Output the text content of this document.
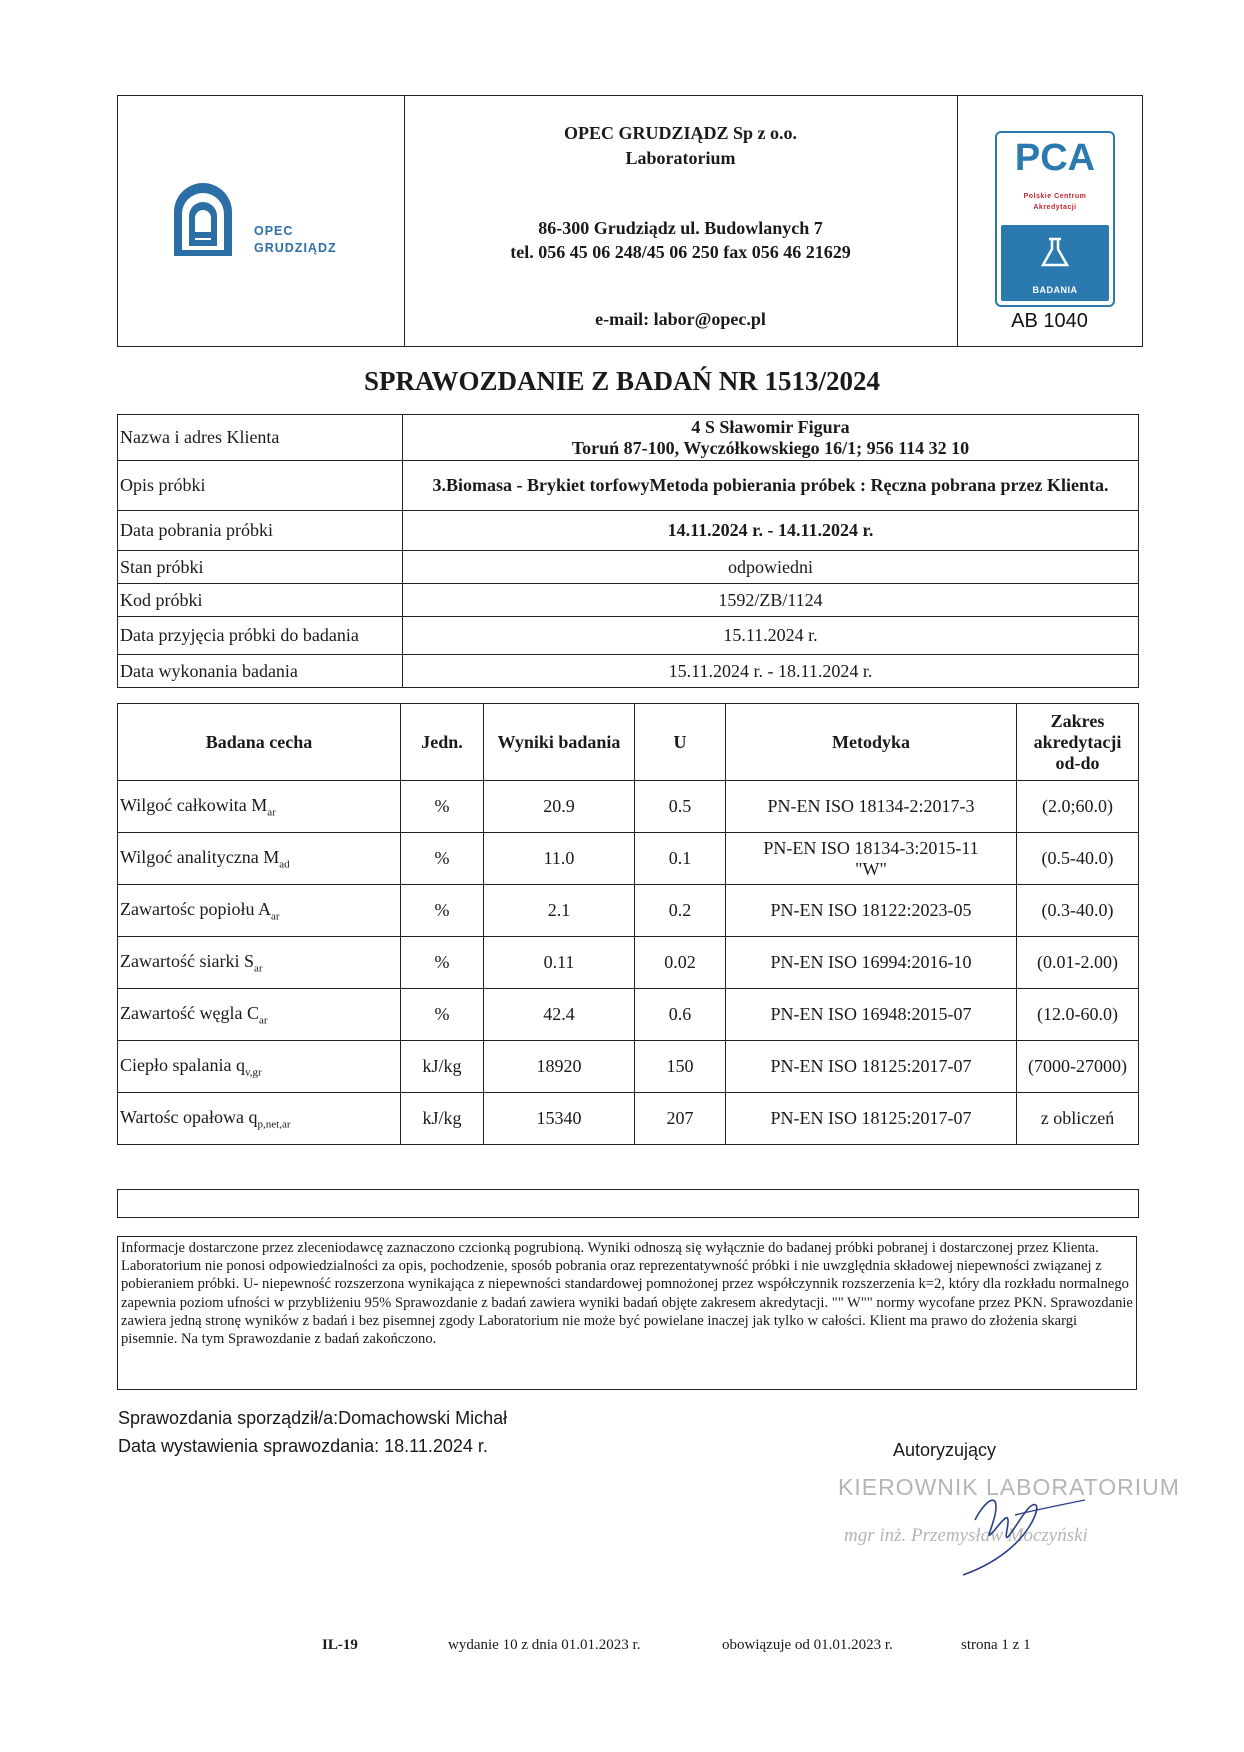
OPEC
GRUDZIĄDZ
OPEC GRUDZIĄDZ Sp z o.o.
Laboratorium
86-300 Grudziądz ul. Budowlanych 7
tel. 056 45 06 248/45 06 250 fax 056 46 21629
e-mail: labor@opec.pl
PCA
Polskie Centrum
Akredytacji
BADANIA
AB 1040
SPRAWOZDANIE Z BADAŃ NR 1513/2024
Nazwa i adres Klienta	4 S Sławomir Figura
Toruń 87-100, Wyczółkowskiego 16/1; 956 114 32 10

Opis próbki	3.Biomasa - Brykiet torfowyMetoda pobierania próbek : Ręczna pobrana przez Klienta.
Data pobrania próbki	14.11.2024 r. - 14.11.2024 r.
Stan próbki	odpowiedni
Kod próbki	1592/ZB/1124
Data przyjęcia próbki do badania	15.11.2024 r.
Data wykonania badania	15.11.2024 r. - 18.11.2024 r.
Badana cecha	Jedn.	Wyniki badania	U	Metodyka	Zakres
akredytacji
od-do

Wilgoć całkowita $M_{ar}$	%	20.9	0.5	PN-EN ISO 18134-2:2017-3	(2.0;60.0)
Wilgoć analityczna $M_{ad}$	%	11.0	0.1	PN-EN ISO 18134-3:2015-11
"W"	(0.5-40.0)
Zawartośc popiołu $A_{ar}$	%	2.1	0.2	PN-EN ISO 18122:2023-05	(0.3-40.0)
Zawartość siarki $S_{ar}$	%	0.11	0.02	PN-EN ISO 16994:2016-10	(0.01-2.00)
Zawartość węgla $C_{ar}$	%	42.4	0.6	PN-EN ISO 16948:2015-07	(12.0-60.0)
Ciepło spalania $q_{v,gr}$	kJ/kg	18920	150	PN-EN ISO 18125:2017-07	(7000-27000)
Wartośc opałowa $q_{p,net,ar}$	kJ/kg	15340	207	PN-EN ISO 18125:2017-07	z obliczeń
Informacje dostarczone przez zleceniodawcę zaznaczono czcionką pogrubioną. Wyniki odnoszą się wyłącznie do badanej próbki pobranej i dostarczonej przez Klienta. Laboratorium nie ponosi odpowiedzialności za opis, pochodzenie, sposób pobrania oraz reprezentatywność próbki i nie uwzględnia składowej niepewności związanej z pobieraniem próbki. U- niepewność rozszerzona wynikająca z niepewności standardowej pomnożonej przez współczynnik rozszerzenia k=2, który dla rozkładu normalnego zapewnia poziom ufności w przybliżeniu 95% Sprawozdanie z badań zawiera wyniki badań objęte zakresem akredytacji. "" W"" normy wycofane przez PKN. Sprawozdanie zawiera jedną stronę wyników z badań i bez pisemnej zgody Laboratorium nie może być powielane inaczej jak tylko w całości. Klient ma prawo do złożenia skargi pisemnie. Na tym Sprawozdanie z badań zakończono.
Sprawozdania sporządził/a:Domachowski Michał
Data wystawienia sprawozdania: 18.11.2024 r.	Autoryzujący
KIEROWNIK LABORATORIUM
mgr inż. Przemysław Moczyński
IL-19	wydanie 10 z dnia 01.01.2023 r.	obowiązuje od 01.01.2023 r.	strona 1 z 1
